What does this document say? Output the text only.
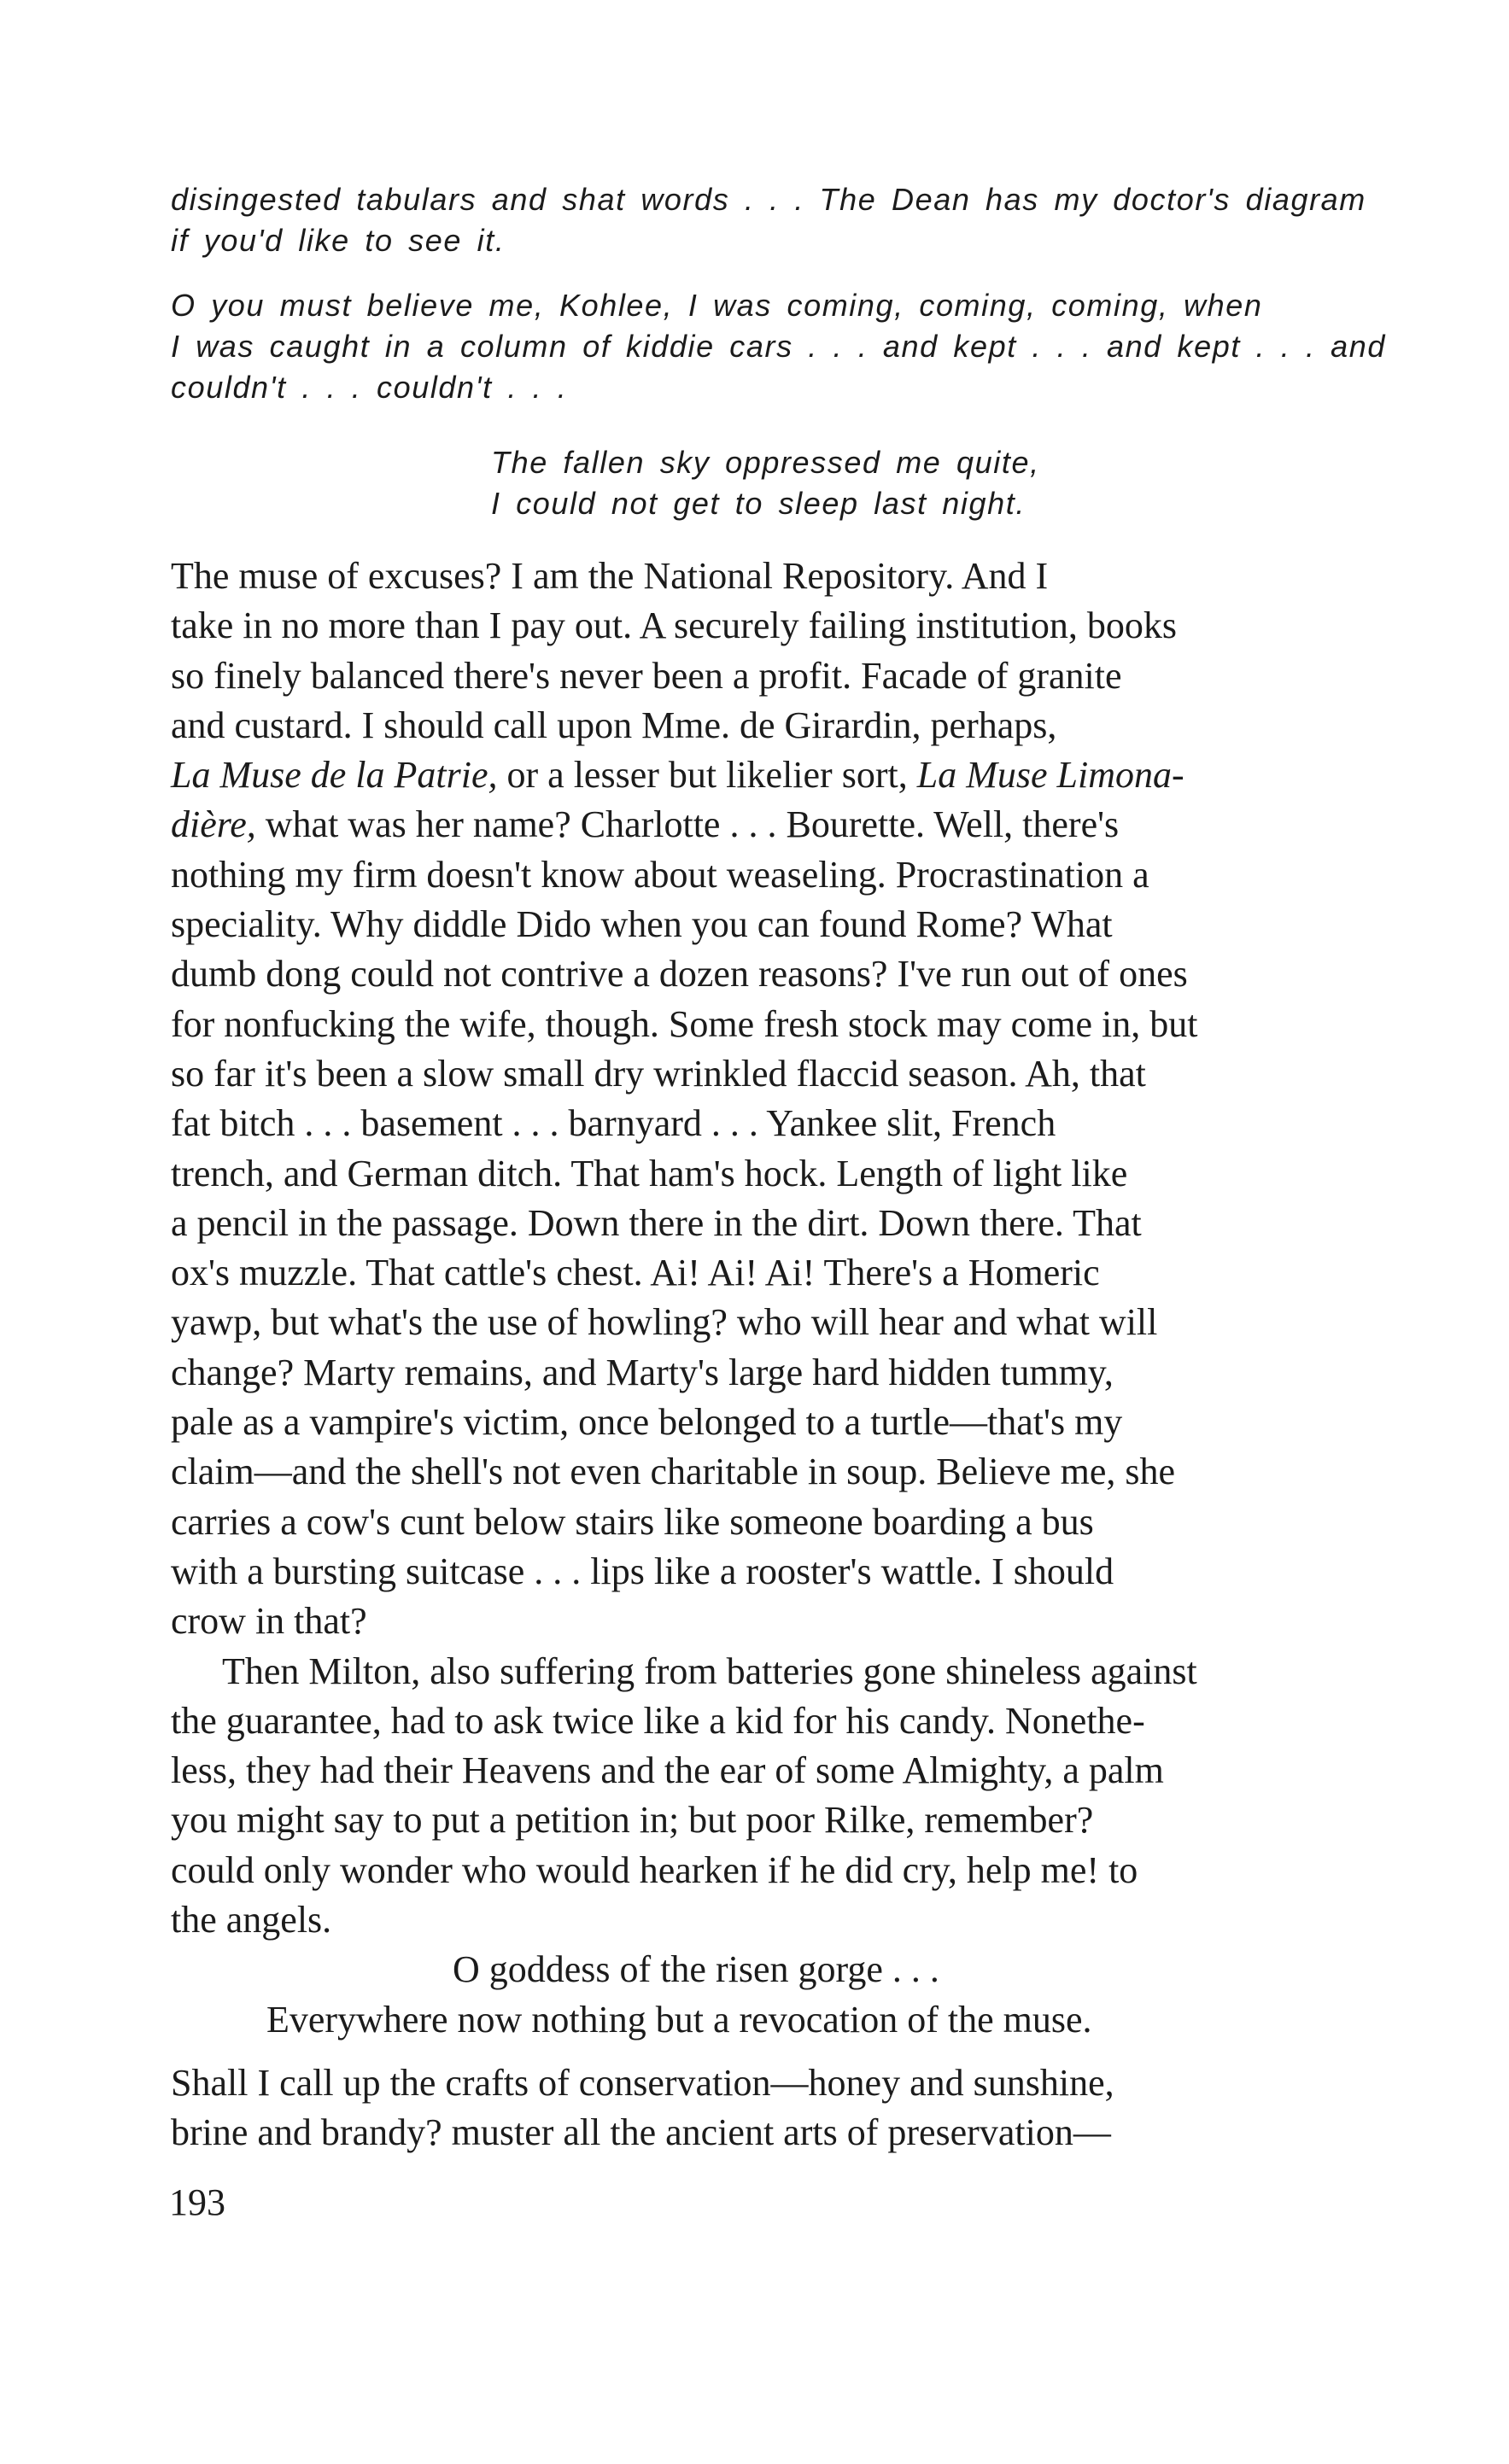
disingested tabulars and shat words . . . The Dean has my doctor's diagram
if you'd like to see it.

O you must believe me, Kohlee, I was coming, coming, coming, when
I was caught in a column of kiddie cars . . . and kept . . . and kept . . . and
couldn't . . . couldn't . . .

The fallen sky oppressed me quite,

I could not get to sleep last night.

The muse of excuses? I am the National Repository. And I
take in no more than I pay out. A securely failing institution, books
so finely balanced there's never been a profit. Facade of granite
and custard. I should call upon Mme. de Girardin, perhaps,
La Muse de la Patrie, or a lesser but likelier sort, La Muse Limona-
dière, what was her name? Charlotte . . . Bourette. Well, there's
nothing my firm doesn't know about weaseling. Procrastination a
speciality. Why diddle Dido when you can found Rome? What
dumb dong could not contrive a dozen reasons? I've run out of ones
for nonfucking the wife, though. Some fresh stock may come in, but
so far it's been a slow small dry wrinkled flaccid season. Ah, that
fat bitch . . . basement . . . barnyard . . . Yankee slit, French
trench, and German ditch. That ham's hock. Length of light like
a pencil in the passage. Down there in the dirt. Down there. That
ox's muzzle. That cattle's chest. Ai! Ai! Ai! There's a Homeric
yawp, but what's the use of howling? who will hear and what will
change? Marty remains, and Marty's large hard hidden tummy,
pale as a vampire's victim, once belonged to a turtle—that's my
claim—and the shell's not even charitable in soup. Believe me, she
carries a cow's cunt below stairs like someone boarding a bus
with a bursting suitcase . . . lips like a rooster's wattle. I should
crow in that?

Then Milton, also suffering from batteries gone shineless against
the guarantee, had to ask twice like a kid for his candy. Nonethe-
less, they had their Heavens and the ear of some Almighty, a palm
you might say to put a petition in; but poor Rilke, remember?
could only wonder who would hearken if he did cry, help me! to
the angels.

O goddess of the risen gorge . . .

Everywhere now nothing but a revocation of the muse.

Shall I call up the crafts of conservation—honey and sunshine,
brine and brandy? muster all the ancient arts of preservation—

193
